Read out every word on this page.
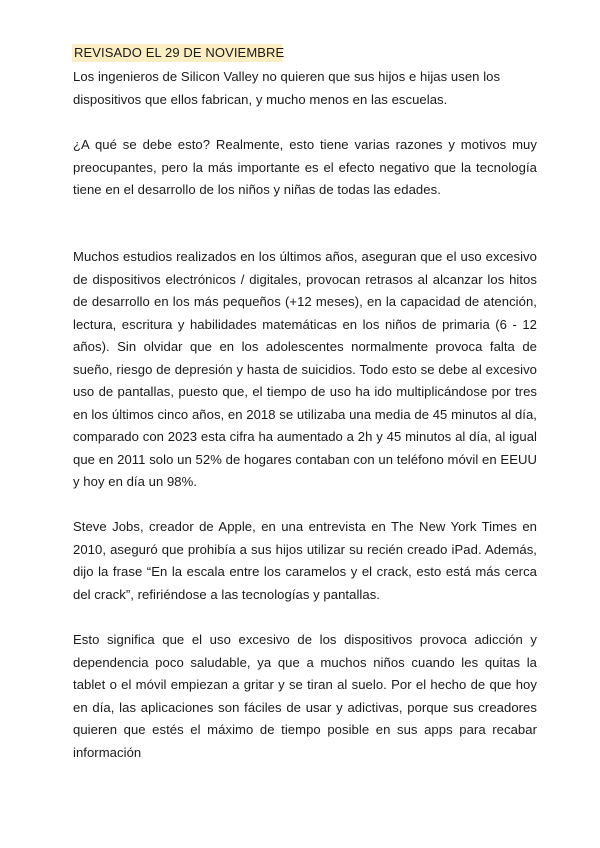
REVISADO EL 29 DE NOVIEMBRE

Los ingenieros de Silicon Valley no quieren que sus hijos e hijas usen los dispositivos que ellos fabrican, y mucho menos en las escuelas.

¿A qué se debe esto? Realmente, esto tiene varias razones y motivos muy preocupantes, pero la más importante es el efecto negativo que la tecnología tiene en el desarrollo de los niños y niñas de todas las edades.

Muchos estudios realizados en los últimos años, aseguran que el uso excesivo de dispositivos electrónicos / digitales, provocan retrasos al alcanzar los hitos de desarrollo en los más pequeños (+12 meses), en la capacidad de atención, lectura, escritura y habilidades matemáticas en los niños de primaria (6 - 12 años). Sin olvidar que en los adolescentes normalmente provoca falta de sueño, riesgo de depresión y hasta de suicidios. Todo esto se debe al excesivo uso de pantallas, puesto que, el tiempo de uso ha ido multiplicándose por tres en los últimos cinco años, en 2018 se utilizaba una media de 45 minutos al día, comparado con 2023 esta cifra ha aumentado a 2h y 45 minutos al día, al igual que en 2011 solo un 52% de hogares contaban con un teléfono móvil en EEUU y hoy en día un 98%.

Steve Jobs, creador de Apple, en una entrevista en The New York Times en 2010, aseguró que prohibía a sus hijos utilizar su recién creado iPad. Además, dijo la frase “En la escala entre los caramelos y el crack, esto está más cerca del crack”, refiriéndose a las tecnologías y pantallas.

Esto significa que el uso excesivo de los dispositivos provoca adicción y dependencia poco saludable, ya que a muchos niños cuando les quitas la tablet o el móvil empiezan a gritar y se tiran al suelo. Por el hecho de que hoy en día, las aplicaciones son fáciles de usar y adictivas, porque sus creadores quieren que estés el máximo de tiempo posible en sus apps para recabar información
